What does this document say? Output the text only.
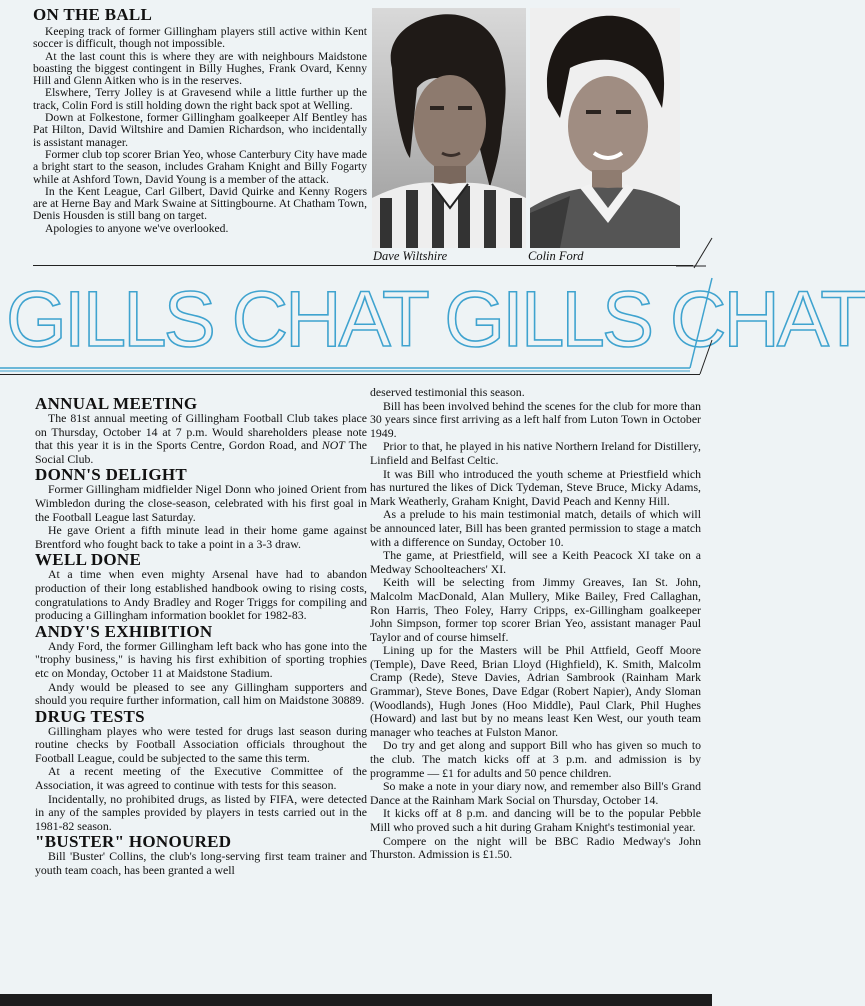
ON THE BALL

Keeping track of former Gillingham players still active within Kent soccer is difficult, though not impossible.

At the last count this is where they are with neighbours Maidstone boasting the biggest contingent in Billy Hughes, Frank Ovard, Kenny Hill and Glenn Aitken who is in the reserves.

Elswhere, Terry Jolley is at Gravesend while a little further up the track, Colin Ford is still holding down the right back spot at Welling.

Down at Folkestone, former Gillingham goalkeeper Alf Bentley has Pat Hilton, David Wiltshire and Damien Richardson, who incidentally is assistant manager.

Former club top scorer Brian Yeo, whose Canterbury City have made a bright start to the season, includes Graham Knight and Billy Fogarty while at Ashford Town, David Young is a member of the attack.

In the Kent League, Carl Gilbert, David Quirke and Kenny Rogers are at Herne Bay and Mark Swaine at Sittingbourne. At Chatham Town, Denis Housden is still bang on target.

Apologies to anyone we've overlooked.

Dave Wiltshire	Colin Ford
GILLS CHAT GILLS CHAT
ANNUAL MEETING

The 81st annual meeting of Gillingham Football Club takes place on Thursday, October 14 at 7 p.m. Would shareholders please note that this year it is in the Sports Centre, Gordon Road, and NOT The Social Club.

DONN'S DELIGHT

Former Gillingham midfielder Nigel Donn who joined Orient from Wimbledon during the close-season, celebrated with his first goal in the Football League last Saturday.

He gave Orient a fifth minute lead in their home game against Brentford who fought back to take a point in a 3-3 draw.

WELL DONE

At a time when even mighty Arsenal have had to abandon production of their long established handbook owing to rising costs, congratulations to Andy Bradley and Roger Triggs for compiling and producing a Gillingham information booklet for 1982-83.

ANDY'S EXHIBITION

Andy Ford, the former Gillingham left back who has gone into the "trophy business," is having his first exhibition of sporting trophies etc on Monday, October 11 at Maidstone Stadium.

Andy would be pleased to see any Gillingham supporters and should you require further information, call him on Maidstone 30889.

DRUG TESTS

Gillingham playes who were tested for drugs last season during routine checks by Football Association officials throughout the Football League, could be subjected to the same this term.

At a recent meeting of the Executive Committee of the Association, it was agreed to continue with tests for this season.

Incidentally, no prohibited drugs, as listed by FIFA, were detected in any of the samples provided by players in tests carried out in the 1981-82 season.

"BUSTER" HONOURED

Bill 'Buster' Collins, the club's long-serving first team trainer and youth team coach, has been granted a well

deserved testimonial this season.

Bill has been involved behind the scenes for the club for more than 30 years since first arriving as a left half from Luton Town in October 1949.

Prior to that, he played in his native Northern Ireland for Distillery, Linfield and Belfast Celtic.

It was Bill who introduced the youth scheme at Priestfield which has nurtured the likes of Dick Tydeman, Steve Bruce, Micky Adams, Mark Weatherly, Graham Knight, David Peach and Kenny Hill.

As a prelude to his main testimonial match, details of which will be announced later, Bill has been granted permission to stage a match with a difference on Sunday, October 10.

The game, at Priestfield, will see a Keith Peacock XI take on a Medway Schoolteachers' XI.

Keith will be selecting from Jimmy Greaves, Ian St. John, Malcolm MacDonald, Alan Mullery, Mike Bailey, Fred Callaghan, Ron Harris, Theo Foley, Harry Cripps, ex-Gillingham goalkeeper John Simpson, former top scorer Brian Yeo, assistant manager Paul Taylor and of course himself.

Lining up for the Masters will be Phil Attfield, Geoff Moore (Temple), Dave Reed, Brian Lloyd (Highfield), K. Smith, Malcolm Cramp (Rede), Steve Davies, Adrian Sambrook (Rainham Mark Grammar), Steve Bones, Dave Edgar (Robert Napier), Andy Sloman (Woodlands), Hugh Jones (Hoo Middle), Paul Clark, Phil Hughes (Howard) and last but by no means least Ken West, our youth team manager who teaches at Fulston Manor.

Do try and get along and support Bill who has given so much to the club. The match kicks off at 3 p.m. and admission is by programme — £1 for adults and 50 pence children.

So make a note in your diary now, and remember also Bill's Grand Dance at the Rainham Mark Social on Thursday, October 14.

It kicks off at 8 p.m. and dancing will be to the popular Pebble Mill who proved such a hit during Graham Knight's testimonial year.

Compere on the night will be BBC Radio Medway's John Thurston. Admission is £1.50.
